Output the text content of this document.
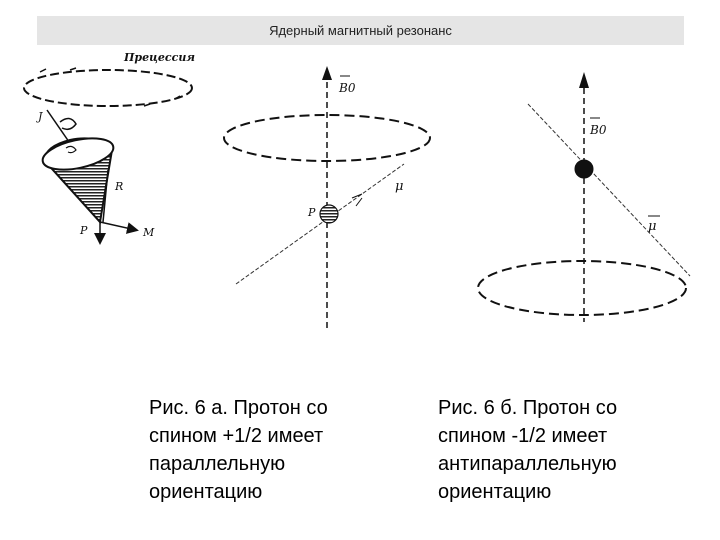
Ядерный магнитный резонанс
Прецессия
J
R
P	M
B0
μ
P
B0
μ
Рис. 6 а. Протон со
спином +1/2 имеет
параллельную
ориентацию
Рис. 6 б. Протон со
спином -1/2 имеет
антипараллельную
ориентацию
